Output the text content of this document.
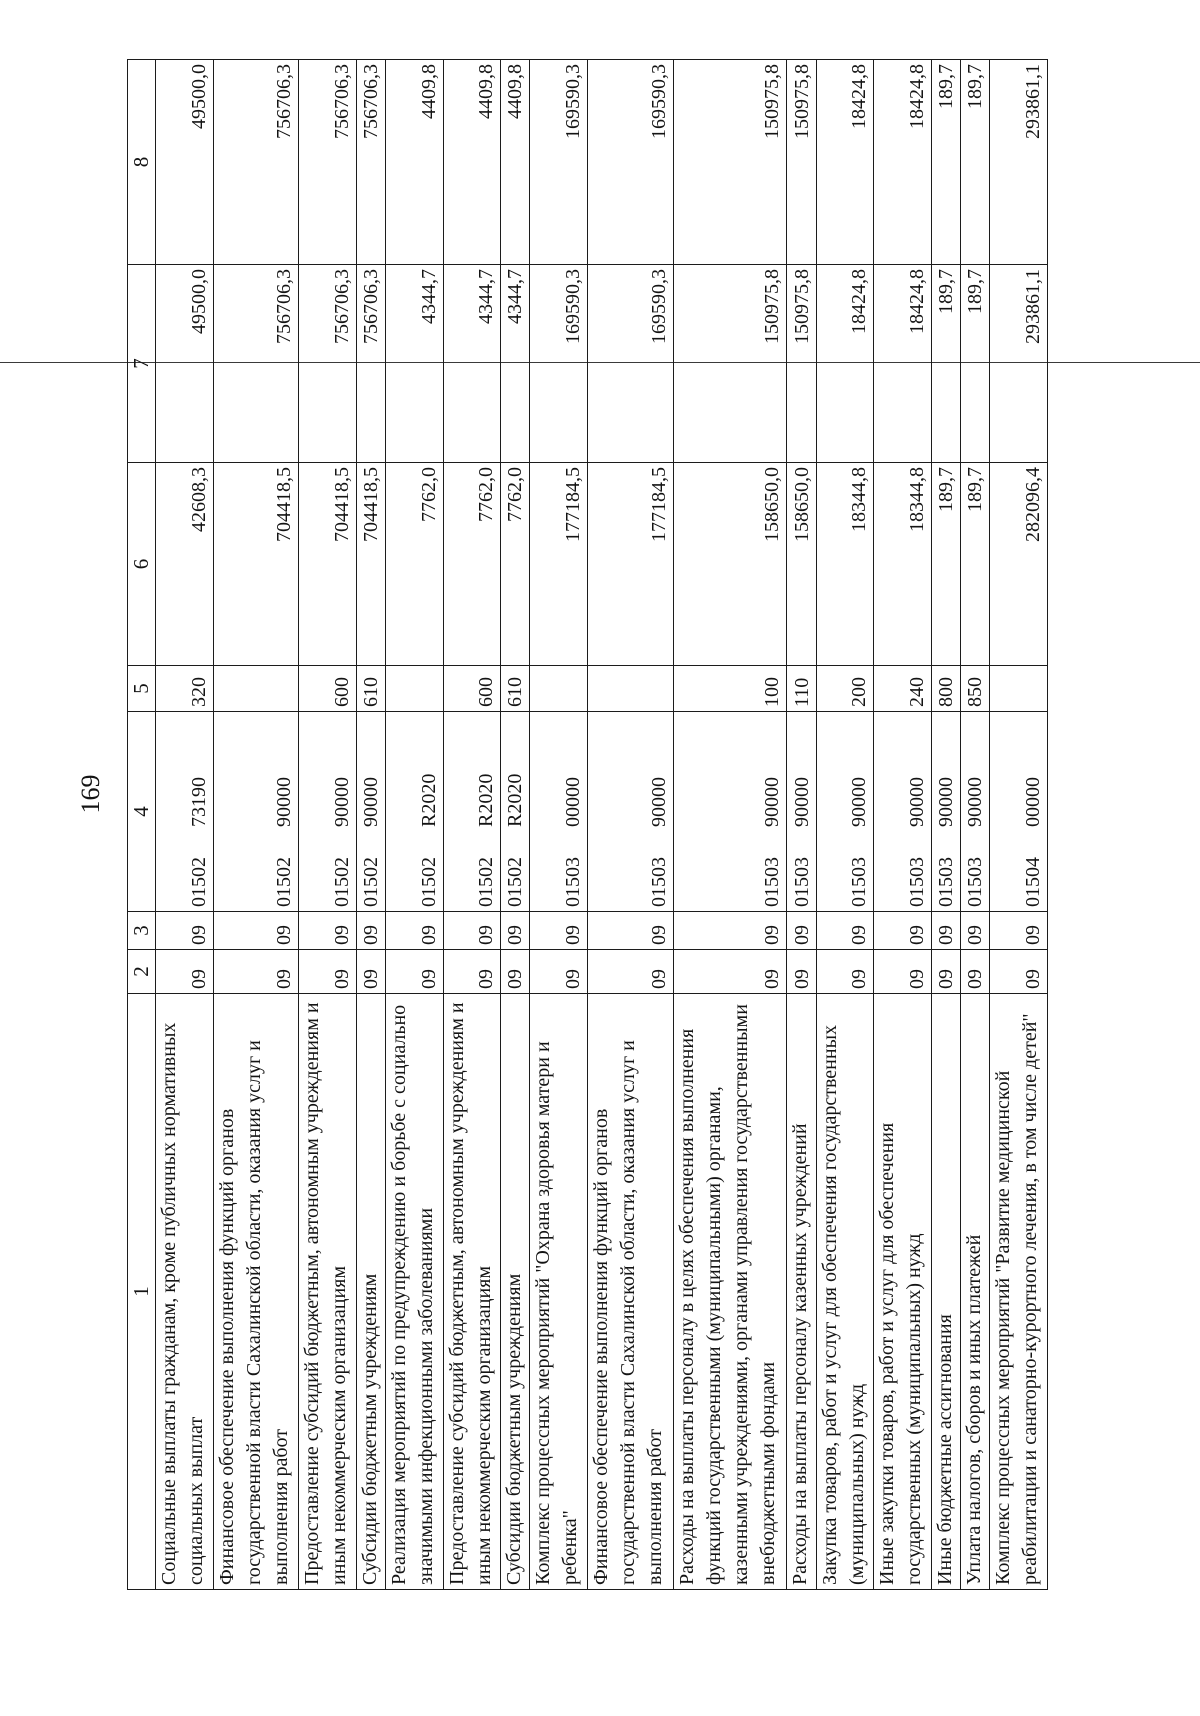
169
1	2	3	4	5	6	7	8
Социальные выплаты гражданам, кроме публичных нормативных социальных выплат	09	09	0150273190	320	42608,3	49500,0	49500,0
Финансовое обеспечение выполнения функций органов государственной власти Сахалинской области, оказания услуг и выполнения работ	09	09	0150290000		704418,5	756706,3	756706,3
Предоставление субсидий бюджетным, автономным учреждениям и иным некоммерческим организациям	09	09	0150290000	600	704418,5	756706,3	756706,3
Субсидии бюджетным учреждениям	09	09	0150290000	610	704418,5	756706,3	756706,3
Реализация мероприятий по предупреждению и борьбе с социально значимыми инфекционными заболеваниями	09	09	01502R2020		7762,0	4344,7	4409,8
Предоставление субсидий бюджетным, автономным учреждениям и иным некоммерческим организациям	09	09	01502R2020	600	7762,0	4344,7	4409,8
Субсидии бюджетным учреждениям	09	09	01502R2020	610	7762,0	4344,7	4409,8
Комплекс процессных мероприятий "Охрана здоровья матери и ребенка"	09	09	0150300000		177184,5	169590,3	169590,3
Финансовое обеспечение выполнения функций органов государственной власти Сахалинской области, оказания услуг и выполнения работ	09	09	0150390000		177184,5	169590,3	169590,3
Расходы на выплаты персоналу в целях обеспечения выполнения функций государственными (муниципальными) органами, казенными учреждениями, органами управления государственными внебюджетными фондами	09	09	0150390000	100	158650,0	150975,8	150975,8
Расходы на выплаты персоналу казенных учреждений	09	09	0150390000	110	158650,0	150975,8	150975,8
Закупка товаров, работ и услуг для обеспечения государственных (муниципальных) нужд	09	09	0150390000	200	18344,8	18424,8	18424,8
Иные закупки товаров, работ и услуг для обеспечения государственных (муниципальных) нужд	09	09	0150390000	240	18344,8	18424,8	18424,8
Иные бюджетные ассигнования	09	09	0150390000	800	189,7	189,7	189,7
Уплата налогов, сборов и иных платежей	09	09	0150390000	850	189,7	189,7	189,7
Комплекс процессных мероприятий "Развитие медицинской реабилитации и санаторно-курортного лечения, в том числе детей"	09	09	0150400000		282096,4	293861,1	293861,1
